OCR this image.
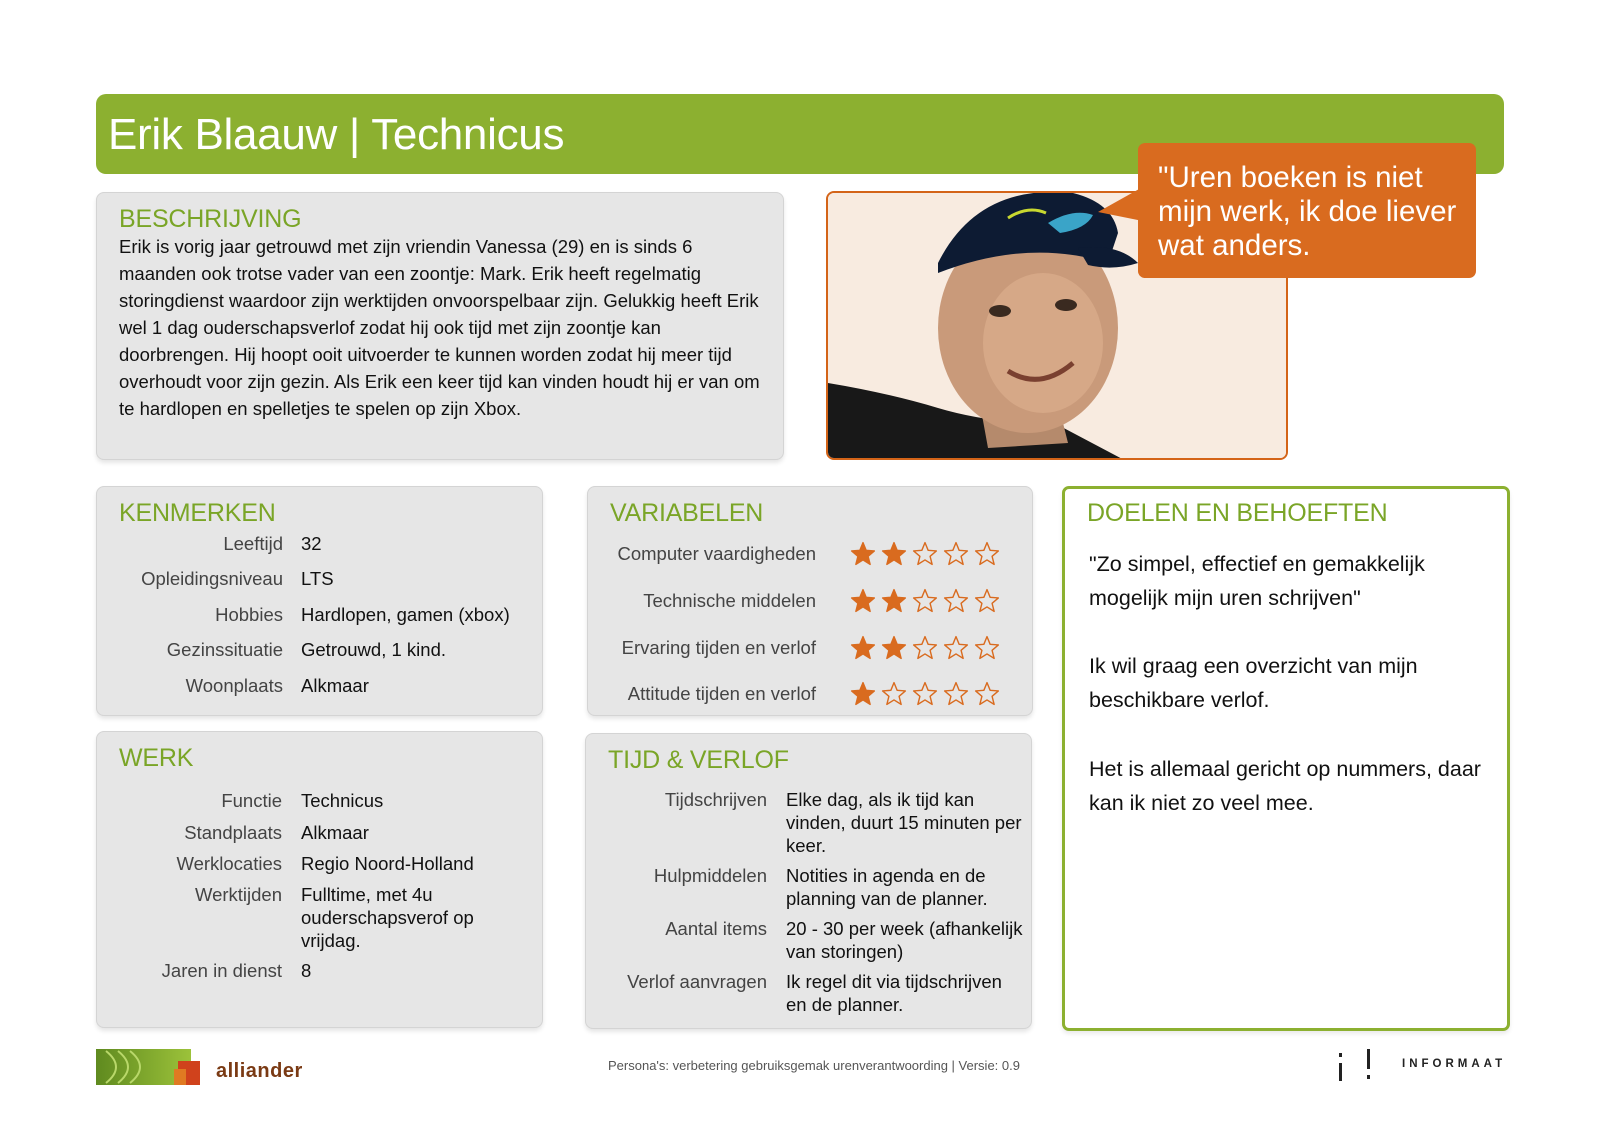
Erik Blaauw | Technicus
BESCHRIJVING
Erik is vorig jaar getrouwd met zijn vriendin Vanessa (29) en is sinds 6 maanden ook trotse vader van een zoontje: Mark. Erik heeft regelmatig storingdienst waardoor zijn werktijden onvoorspelbaar zijn. Gelukkig heeft Erik wel 1 dag ouderschapsverlof zodat hij ook tijd met zijn zoontje kan doorbrengen. Hij hoopt ooit uitvoerder te kunnen worden zodat hij meer tijd overhoudt voor zijn gezin. Als Erik een keer tijd kan vinden houdt hij er van om te hardlopen en spelletjes te spelen op zijn Xbox.
"Uren boeken is niet mijn werk, ik doe liever wat anders.
KENMERKEN
Leeftijd 32
Opleidingsniveau LTS
Hobbies Hardlopen, gamen (xbox)
Gezinssituatie Getrouwd, 1 kind.
Woonplaats Alkmaar
VARIABELEN
Computer vaardigheden
Technische middelen
Ervaring tijden en verlof
Attitude tijden en verlof
WERK
Functie Technicus
Standplaats Alkmaar
Werklocaties Regio Noord-Holland
Werktijden Fulltime, met 4u ouderschapsverof op vrijdag.
Jaren in dienst 8
TIJD & VERLOF
Tijdschrijven Elke dag, als ik tijd kan vinden, duurt 15 minuten per keer.
Hulpmiddelen Notities in agenda en de planning van de planner.
Aantal items 20 - 30 per week (afhankelijk van storingen)
Verlof aanvragen Ik regel dit via tijdschrijven en de planner.
DOELEN EN BEHOEFTEN
"Zo simpel, effectief en gemakkelijk mogelijk mijn uren schrijven"
Ik wil graag een overzicht van mijn beschikbare verlof.
Het is allemaal gericht op nummers, daar kan ik niet zo veel mee.
alliander	Persona's: verbetering gebruiksgemak urenverantwoording | Versie: 0.9	INFORMAAT
